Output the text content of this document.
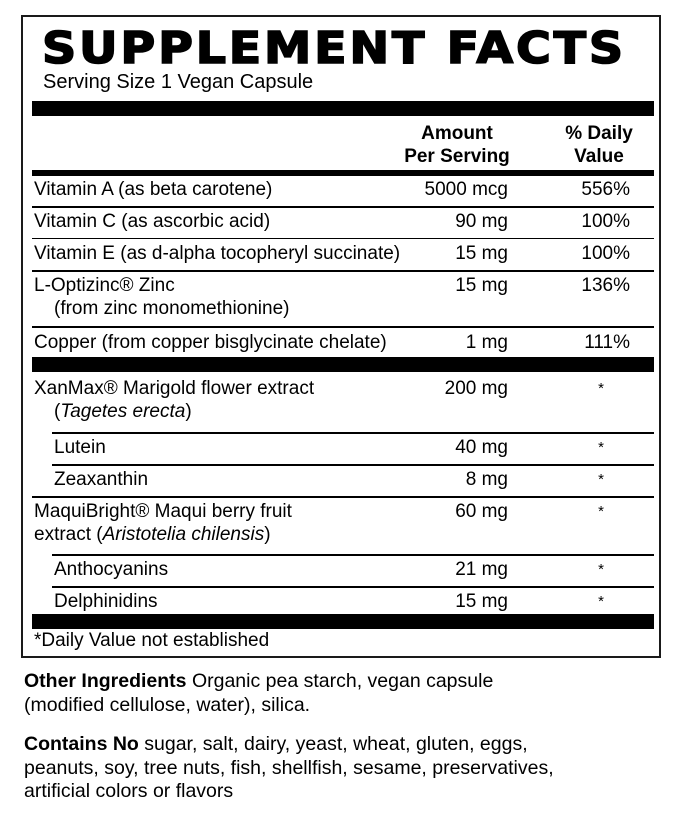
SUPPLEMENT FACTS
Serving Size 1 Vegan Capsule
Amount
Per Serving
% Daily
Value
Vitamin A (as beta carotene)	5000 mcg	556%
Vitamin C (as ascorbic acid)	90 mg	100%
Vitamin E (as d-alpha tocopheryl succinate)	15 mg	100%
L-Optizinc® Zinc
(from zinc monomethionine)
15 mg	136%
Copper (from copper bisglycinate chelate)	1 mg	111%
XanMax® Marigold flower extract
(Tagetes erecta)
200 mg	*
Lutein	40 mg	*
Zeaxanthin	8 mg	*
MaquiBright® Maqui berry fruit
extract (Aristotelia chilensis)
60 mg	*
Anthocyanins	21 mg	*
Delphinidins	15 mg	*
*Daily Value not established
Other Ingredients Organic pea starch, vegan capsule
(modified cellulose, water), silica.
Contains No sugar, salt, dairy, yeast, wheat, gluten, eggs,
peanuts, soy, tree nuts, fish, shellfish, sesame, preservatives,
artificial colors or flavors
